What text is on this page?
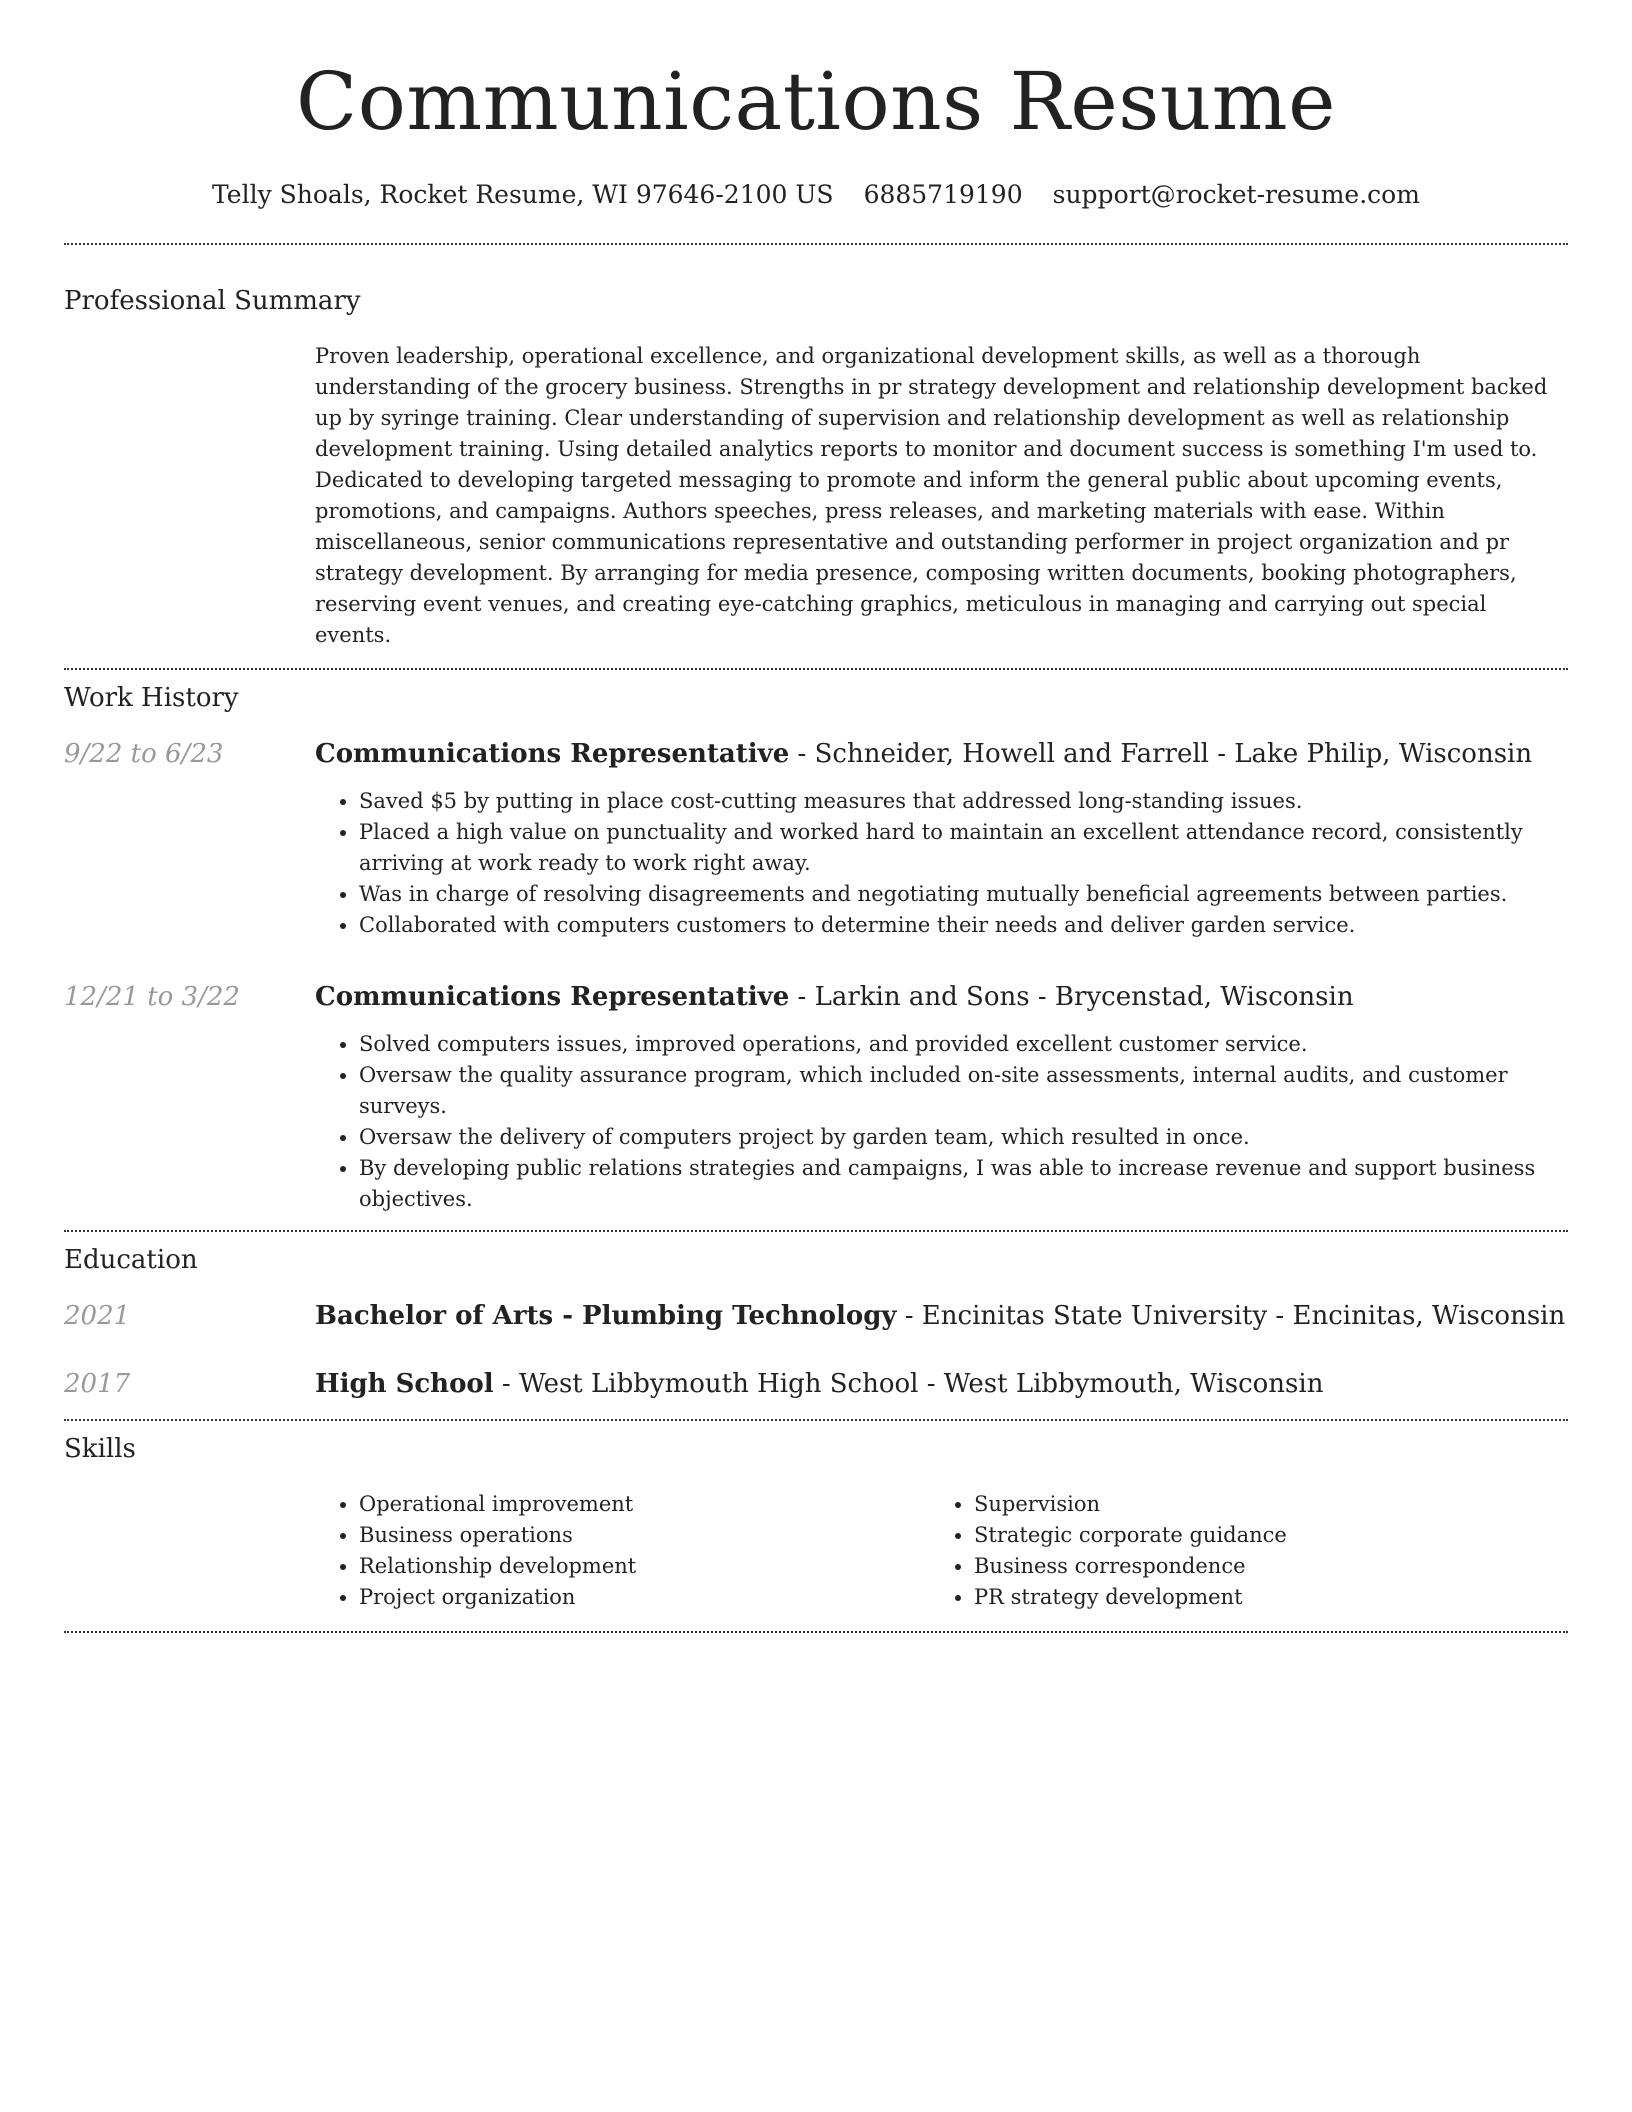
Communications Resume
Telly Shoals, Rocket Resume, WI 97646-2100 US 6885719190 support@rocket-resume.com
Professional Summary
Proven leadership, operational excellence, and organizational development skills, as well as a thorough understanding of the grocery business. Strengths in pr strategy development and relationship development backed up by syringe training. Clear understanding of supervision and relationship development as well as relationship development training. Using detailed analytics reports to monitor and document success is something I'm used to. Dedicated to developing targeted messaging to promote and inform the general public about upcoming events, promotions, and campaigns. Authors speeches, press releases, and marketing materials with ease. Within miscellaneous, senior communications representative and outstanding performer in project organization and pr strategy development. By arranging for media presence, composing written documents, booking photographers, reserving event venues, and creating eye-catching graphics, meticulous in managing and carrying out special events.
Work History
9/22 to 6/23	Communications Representative - Schneider, Howell and Farrell - Lake Philip, Wisconsin
• Saved $5 by putting in place cost-cutting measures that addressed long-standing issues.
• Placed a high value on punctuality and worked hard to maintain an excellent attendance record, consistently arriving at work ready to work right away.
• Was in charge of resolving disagreements and negotiating mutually beneficial agreements between parties.
• Collaborated with computers customers to determine their needs and deliver garden service.
12/21 to 3/22	Communications Representative - Larkin and Sons - Brycenstad, Wisconsin
• Solved computers issues, improved operations, and provided excellent customer service.
• Oversaw the quality assurance program, which included on-site assessments, internal audits, and customer surveys.
• Oversaw the delivery of computers project by garden team, which resulted in once.
• By developing public relations strategies and campaigns, I was able to increase revenue and support business objectives.
Education
2021	Bachelor of Arts - Plumbing Technology - Encinitas State University - Encinitas, Wisconsin
2017	High School - West Libbymouth High School - West Libbymouth, Wisconsin
Skills
• Operational improvement
• Business operations
• Relationship development
• Project organization
• Supervision
• Strategic corporate guidance
• Business correspondence
• PR strategy development
